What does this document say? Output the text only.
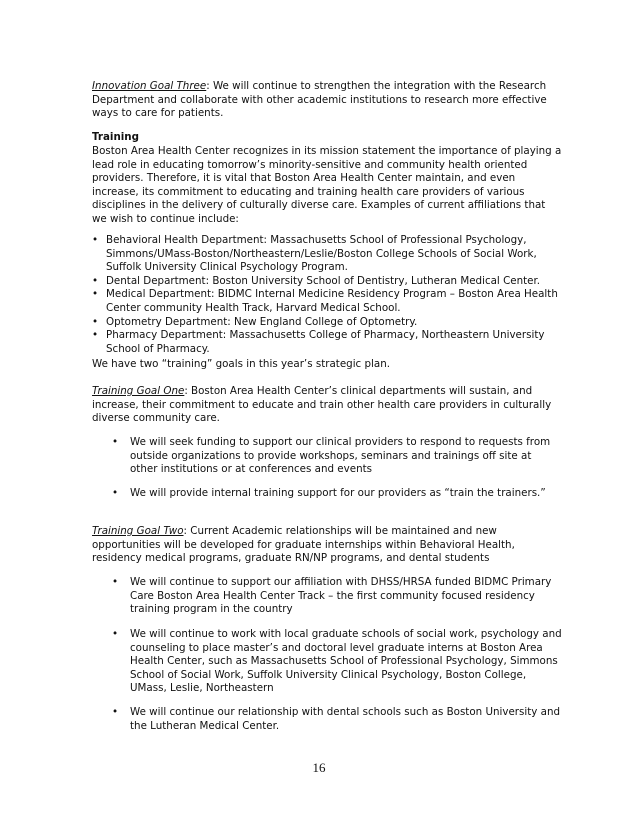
Innovation Goal Three: We will continue to strengthen the integration with the Research Department and collaborate with other academic institutions to research more effective ways to care for patients.

Training

Boston Area Health Center recognizes in its mission statement the importance of playing a lead role in educating tomorrow’s minority-sensitive and community health oriented providers. Therefore, it is vital that Boston Area Health Center maintain, and even increase, its commitment to educating and training health care providers of various disciplines in the delivery of culturally diverse care. Examples of current affiliations that we wish to continue include:

• Behavioral Health Department: Massachusetts School of Professional Psychology, Simmons/UMass-Boston/Northeastern/Leslie/Boston College Schools of Social Work, Suffolk University Clinical Psychology Program.
• Dental Department: Boston University School of Dentistry, Lutheran Medical Center.
• Medical Department: BIDMC Internal Medicine Residency Program – Boston Area Health Center community Health Track, Harvard Medical School.
• Optometry Department: New England College of Optometry.
• Pharmacy Department: Massachusetts College of Pharmacy, Northeastern University School of Pharmacy.

We have two “training” goals in this year’s strategic plan.

Training Goal One: Boston Area Health Center’s clinical departments will sustain, and increase, their commitment to educate and train other health care providers in culturally diverse community care.

• We will seek funding to support our clinical providers to respond to requests from outside organizations to provide workshops, seminars and trainings off site at other institutions or at conferences and events

• We will provide internal training support for our providers as “train the trainers.”

Training Goal Two: Current Academic relationships will be maintained and new opportunities will be developed for graduate internships within Behavioral Health, residency medical programs, graduate RN/NP programs, and dental students

• We will continue to support our affiliation with DHSS/HRSA funded BIDMC Primary Care Boston Area Health Center Track – the first community focused residency training program in the country

• We will continue to work with local graduate schools of social work, psychology and counseling to place master’s and doctoral level graduate interns at Boston Area Health Center, such as Massachusetts School of Professional Psychology, Simmons School of Social Work, Suffolk University Clinical Psychology, Boston College, UMass, Leslie, Northeastern

• We will continue our relationship with dental schools such as Boston University and the Lutheran Medical Center.

16
